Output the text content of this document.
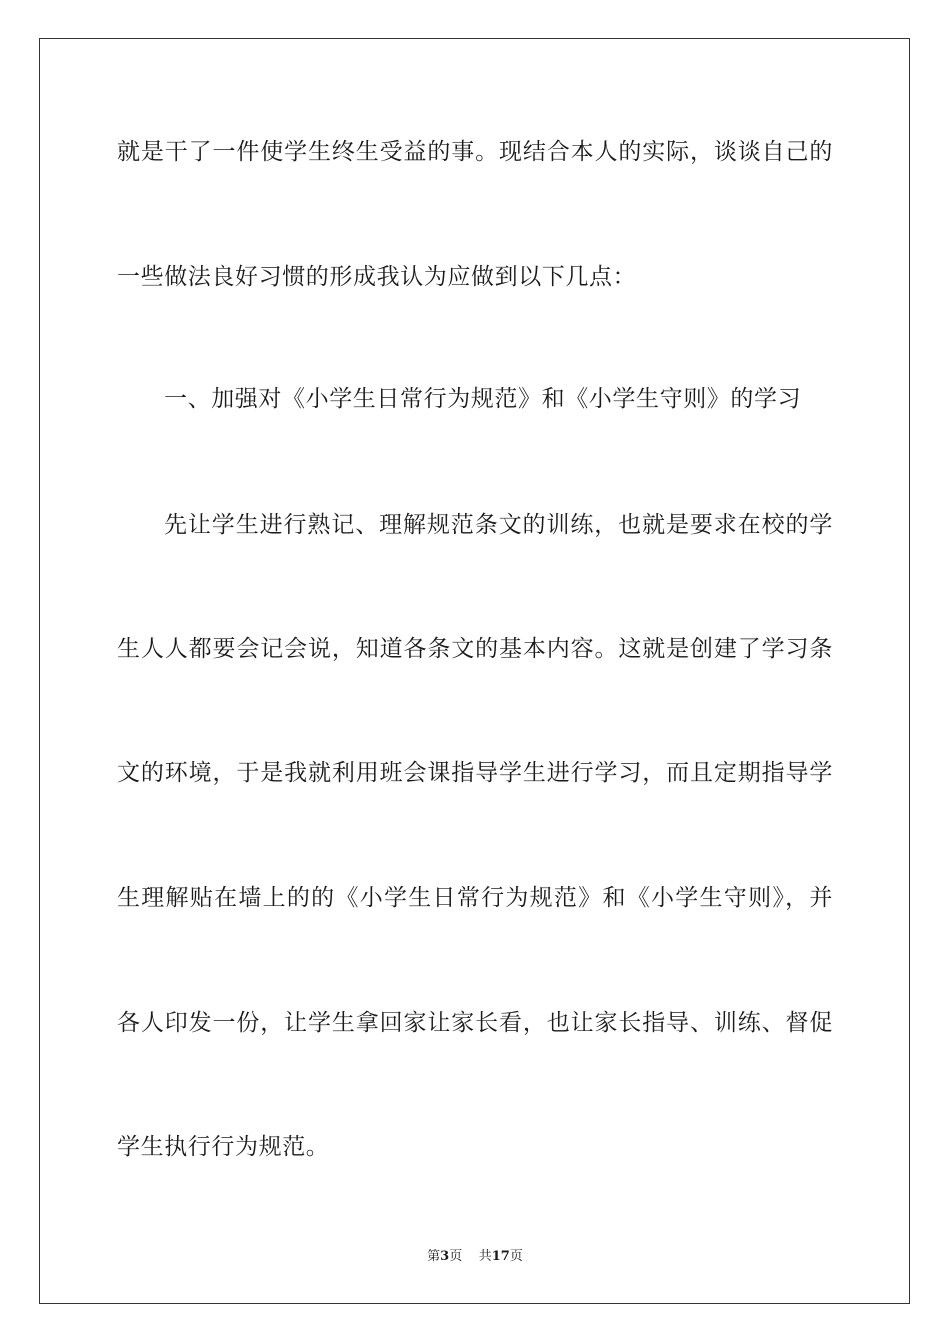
就是干了一件使学生终生受益的事。现结合本人的实际，谈谈自己的
一些做法良好习惯的形成我认为应做到以下几点：
一、加强对《小学生日常行为规范》和《小学生守则》的学习
先让学生进行熟记、理解规范条文的训练，也就是要求在校的学
生人人都要会记会说，知道各条文的基本内容。这就是创建了学习条
文的环境，于是我就利用班会课指导学生进行学习，而且定期指导学
生理解贴在墙上的的《小学生日常行为规范》和《小学生守则》，并
各人印发一份，让学生拿回家让家长看，也让家长指导、训练、督促
学生执行行为规范。
第3页 共17页
